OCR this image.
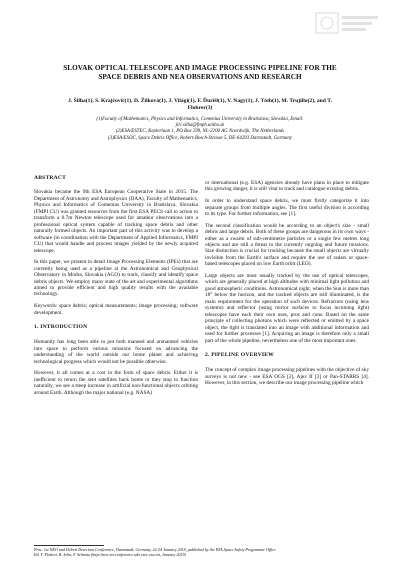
SLOVAK OPTICAL TELESCOPE AND IMAGE PROCESSING PIPELINE FOR THE
SPACE DEBRIS AND NEA OBSERVATIONS AND RESEARCH
J. Šilha(1), S. Krajčovič(1), D. Žilková(1), J. Világi(1), F. Ďurišl(1), V. Nagy(1), J. Tóth(1), M. Trujillo(2), and T.
Flohrer(3)
(1)Faculty of Mathematics, Physics and Informatics, Comenius University in Bratislava, Slovakia, Email:
jiri.silha@fmph.uniba.sk
(2)ESA/ESTEC, Keplerlaan 1, PO Box 299, NL-2200 AG Noordwijk, The Netherlands
(3)ESA/ESOC, Space Debris Office, Robert-Bosch-Strasse 5, DE-64293 Darmstadt, Germany
ABSTRACT

Slovakia became the 9th ESA European Cooperative State in 2015. The Department of Astronomy and Astrophysics (DAA), Faculty of Mathematics, Physics and Informatics of Comenius University in Bratislava, Slovakia (FMPI CU) was granted resources from the first ESA PECS call to action to transform a 0.7m Newton telescope used for amateur observations into a professional optical system capable of tracking space debris and other naturally formed objects. An important part of this activity was to develop a software (in coordination with the Department of Applied Informatics, FMPI CU) that would handle and process images yielded by the newly acquired telescope.

In this paper, we present in detail Image Processing Elements (IPEs) that are currently being used as a pipeline at the Astronomical and Geophysical Observatory in Modra, Slovakia (AGO) to track, classify and identify space debris objects. We employ many state of the art and experimental algorithms aimed to provide efficient and high quality results with the available technology.

Keywords: space debris; optical measurements; image processing; software development.

1. INTRODUCTION

Humanity has long been able to put both manned and unmanned vehicles into space to perform various missions focused on advancing the understanding of the world outside our home planet and achieving technological progress which would not be possible otherwise.

However, it all comes at a cost in the form of space debris. Either it is inefficient to return the sent satellites back home or they stop to function naturally, we see a steep increase in artificial non-functional objects orbiting around Earth. Although the major national (e.g. NASA)

or international (e.g. ESA) agencies already have plans in place to mitigate this growing danger, it is still vital to track and catalogue existing debris.

In order to understand space debris, we must firstly categorize it into separate groups from multiple angles. The first useful division is according to its type. For further information, see [1].

The second classification would be according to an object's size - small debris and large debris. Both of these groups are dangerous in its own ways - either as a swarm of sub-centimetre particles or a single few metres long objects and are still a threat to the currently ongoing and future missions. Size distinction is crucial for tracking because the small objects are virtually invisible from the Earth's surface and require the use of radars or space-based telescopes placed on low Earth orbit (LEO).

Large objects are most usually tracked by the use of optical telescopes, which are generally placed at high altitudes with minimal light pollution and good atmospheric conditions. Astronomical night, when the Sun is more than 18° below the horizon, and the tracked objects are still illuminated, is the main requirement for the operation of such devices. Refractors (using lens systems) and reflector (using mirror surfaces to focus incoming light) telescopes have each their own uses, pros and cons. Based on the same principle of collecting photons which were reflected or emitted by a space object, the light is translated into an image with additional information and used for further processes [1]. Acquiring an image is therefore only a small part of the whole pipeline, nevertheless one of the most important ones.

2. PIPELINE OVERVIEW

The concept of complex image processing pipelines with the objective of sky surveys is not new - see ESA OGS [2], Ajex II [3] or Pan-STARRS [4]. However, in this section, we describe our image processing pipeline which

Proc. 1st NEO and Debris Detection Conference, Darmstadt, Germany, 22-24 January 2019, published by the ESA Space Safety Programme Office
Ed. T. Flohrer, R. Jehn, F. Schmitz (http://neo-sst-conference.sdo.esoc.esa.int, January 2019)
